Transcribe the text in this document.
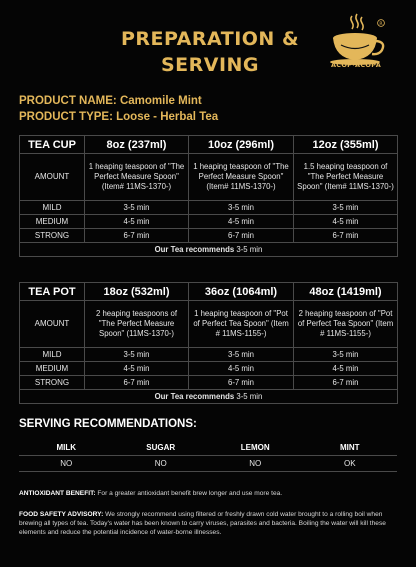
PREPARATION &
SERVING
R
ACOP·ACOPA
PRODUCT NAME: Camomile Mint
PRODUCT TYPE: Loose - Herbal Tea
TEA CUP	8oz (237ml)	10oz (296ml)	12oz (355ml)
AMOUNT	1 heaping teaspoon of "The Perfect Measure Spoon" (Item# 11MS-1370-)	1 heaping teaspoon of "The Perfect Measure Spoon" (Item# 11MS-1370-)	1.5 heaping teaspoon of "The Perfect Measure Spoon" (Item# 11MS-1370-)
MILD	3-5 min	3-5 min	3-5 min
MEDIUM	4-5 min	4-5 min	4-5 min
STRONG	6-7 min	6-7 min	6-7 min
Our Tea recommends 3-5 min			
TEA POT	18oz (532ml)	36oz (1064ml)	48oz (1419ml)
AMOUNT	2 heaping teaspoons of "The Perfect Measure Spoon" (11MS-1370-)	1 heaping teaspoon of "Pot of Perfect Tea Spoon" (Item # 11MS-1155-)	2 heaping teaspoon of "Pot of Perfect Tea Spoon" (Item # 11MS-1155-)
MILD	3-5 min	3-5 min	3-5 min
MEDIUM	4-5 min	4-5 min	4-5 min
STRONG	6-7 min	6-7 min	6-7 min
Our Tea recommends 3-5 min			
SERVING RECOMMENDATIONS:
MILK	SUGAR	LEMON	MINT
NO	NO	NO	OK
ANTIOXIDANT BENEFIT: For a greater antioxidant benefit brew longer and use more tea.
FOOD SAFETY ADVISORY: We strongly recommend using filtered or freshly drawn cold water brought to a rolling boil when brewing all types of tea. Today's water has been known to carry viruses, parasites and bacteria. Boiling the water will kill these elements and reduce the potential incidence of water-borne illnesses.
